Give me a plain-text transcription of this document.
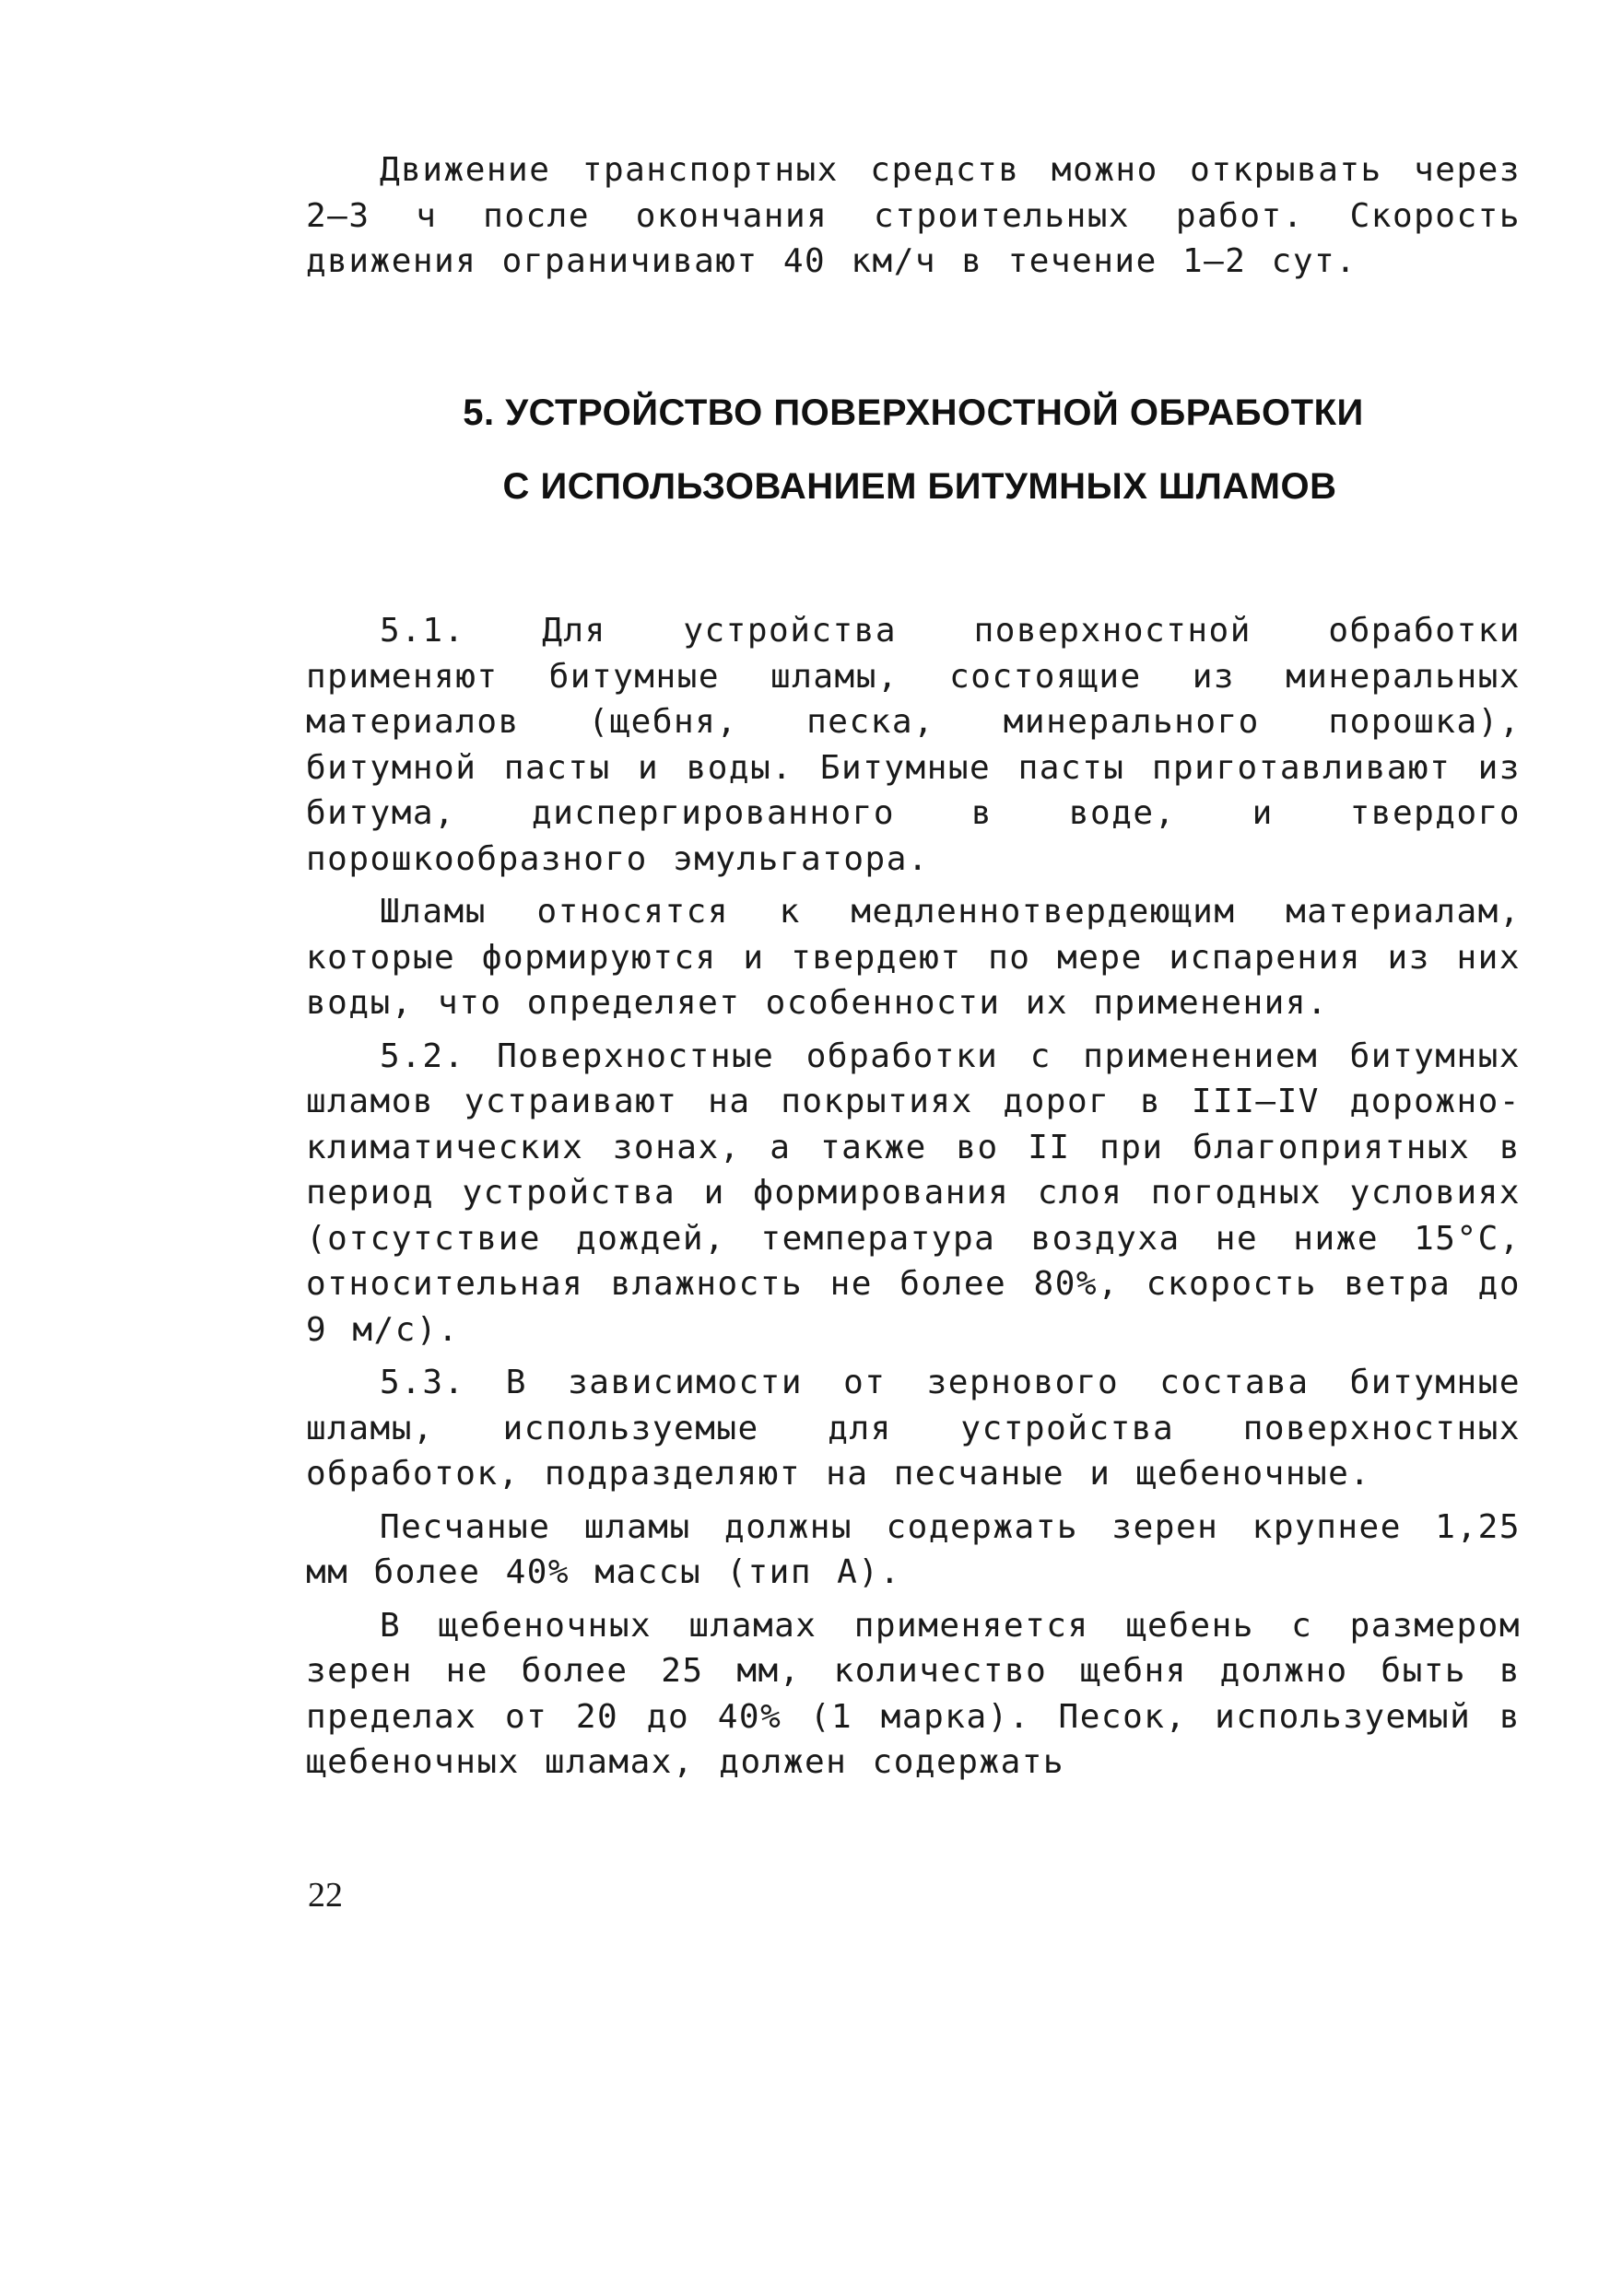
Движение транспортных средств можно открывать через 2–3 ч после окончания строительных работ. Скорость движения ограничивают 40 км/ч в течение 1–2 сут.

5. УСТРОЙСТВО ПОВЕРХНОСТНОЙ ОБРАБОТКИ
С ИСПОЛЬЗОВАНИЕМ БИТУМНЫХ ШЛАМОВ

5.1. Для устройства поверхностной обработки применяют битумные шламы, состоящие из минеральных материалов (щебня, песка, минерального порошка), битумной пасты и воды. Битумные пасты приготавливают из битума, диспергированного в воде, и твердого порошкообразного эмульгатора.

Шламы относятся к медленнотвердеющим материалам, которые формируются и твердеют по мере испарения из них воды, что определяет особенности их применения.

5.2. Поверхностные обработки с применением битумных шламов устраивают на покрытиях дорог в III–IV дорожно-климатических зонах, а также во II при благоприятных в период устройства и формирования слоя погодных условиях (отсутствие дождей, температура воздуха не ниже 15°С, относительная влажность не более 80%, скорость ветра до 9 м/с).

5.3. В зависимости от зернового состава битумные шламы, используемые для устройства поверхностных обработок, подразделяют на песчаные и щебеночные.

Песчаные шламы должны содержать зерен крупнее 1,25 мм более 40% массы (тип А).

В щебеночных шламах применяется щебень с размером зерен не более 25 мм, количество щебня должно быть в пределах от 20 до 40% (1 марка). Песок, используемый в щебеночных шламах, должен содержать

22
